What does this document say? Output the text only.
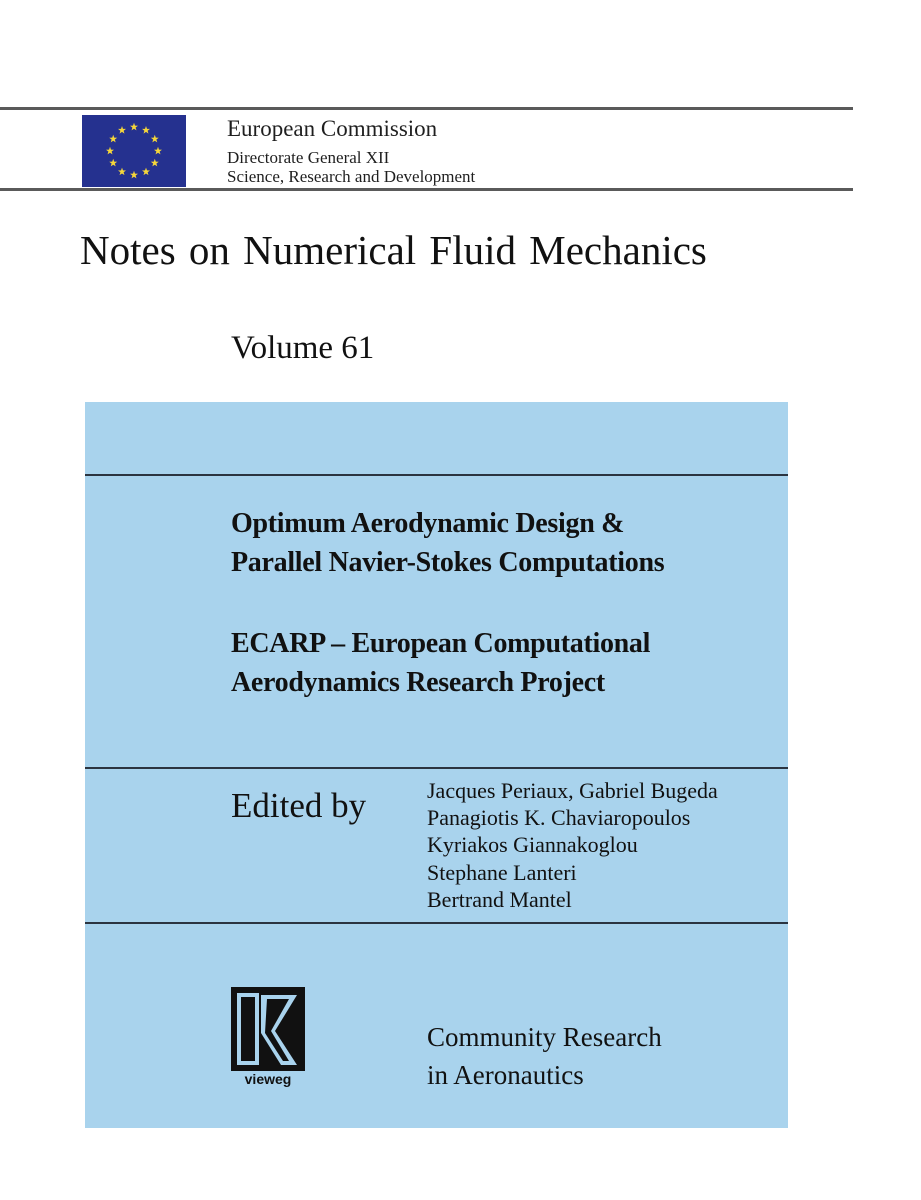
European Commission
Directorate General XII
Science, Research and Development
Notes on Numerical Fluid Mechanics
Volume 61
Optimum Aerodynamic Design &
Parallel Navier-Stokes Computations
ECARP – European Computational
Aerodynamics Research Project
Edited by	Jacques Periaux, Gabriel Bugeda
Panagiotis K. Chaviaropoulos
Kyriakos Giannakoglou
Stephane Lanteri
Bertrand Mantel
vieweg
Community Research
in Aeronautics
